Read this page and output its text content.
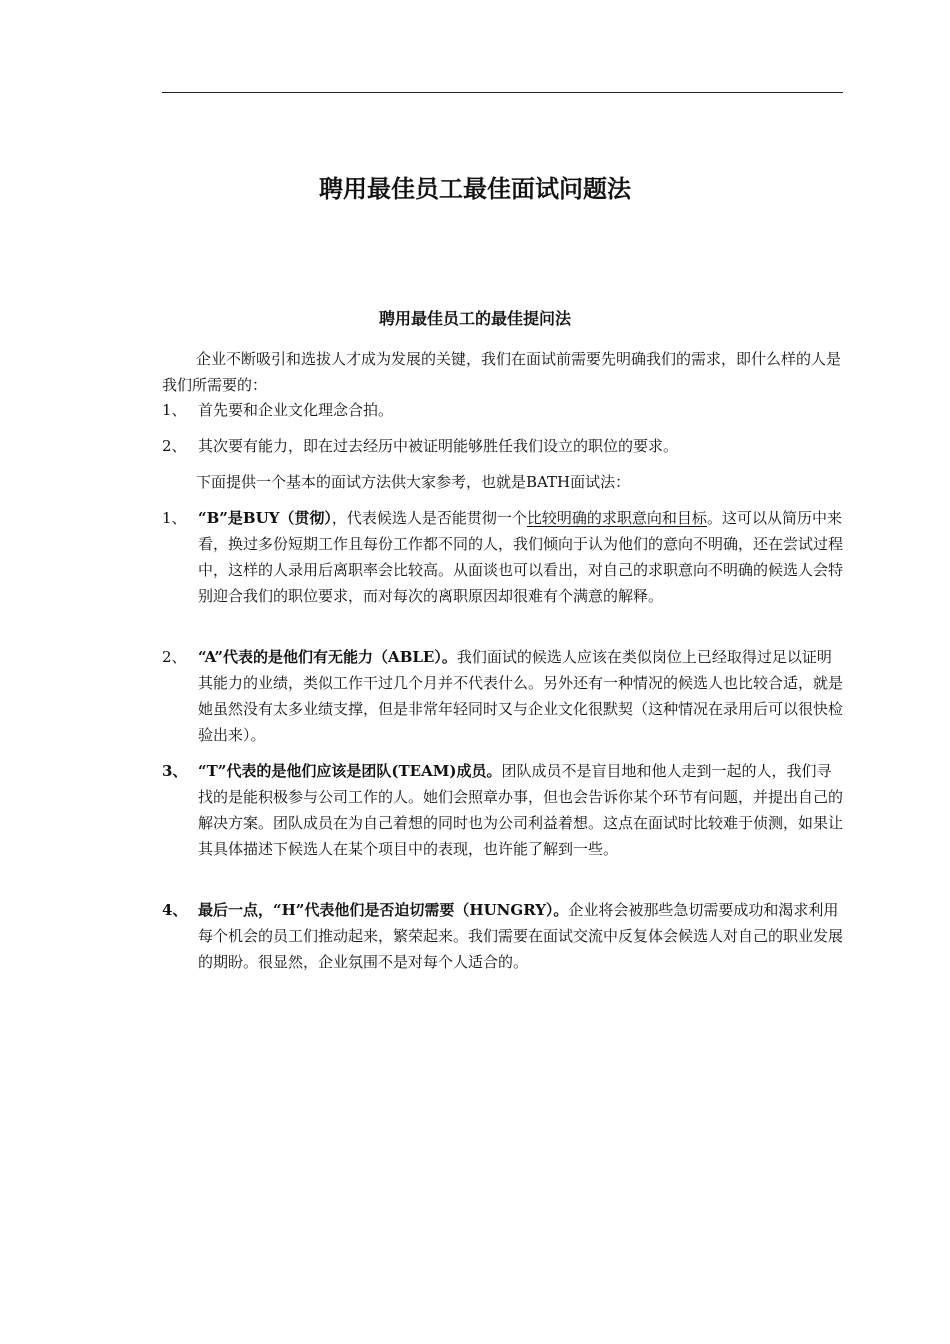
聘用最佳员工最佳面试问题法
聘用最佳员工的最佳提问法
企业不断吸引和选拔人才成为发展的关键，我们在面试前需要先明确我们的需求，即什么样的人是我们所需要的：
1、 首先要和企业文化理念合拍。
2、 其次要有能力，即在过去经历中被证明能够胜任我们设立的职位的要求。
下面提供一个基本的面试方法供大家参考，也就是BATH面试法：
1、 “B”是BUY（贯彻），代表候选人是否能贯彻一个比较明确的求职意向和目标。这可以从简历中来看，换过多份短期工作且每份工作都不同的人，我们倾向于认为他们的意向不明确，还在尝试过程中，这样的人录用后离职率会比较高。从面谈也可以看出，对自己的求职意向不明确的候选人会特别迎合我们的职位要求，而对每次的离职原因却很难有个满意的解释。
2、 “A”代表的是他们有无能力（ABLE）。我们面试的候选人应该在类似岗位上已经取得过足以证明其能力的业绩，类似工作干过几个月并不代表什么。另外还有一种情况的候选人也比较合适，就是她虽然没有太多业绩支撑，但是非常年轻同时又与企业文化很默契（这种情况在录用后可以很快检验出来）。
3、 “T”代表的是他们应该是团队(TEAM)成员。团队成员不是盲目地和他人走到一起的人，我们寻找的是能积极参与公司工作的人。她们会照章办事，但也会告诉你某个环节有问题，并提出自己的解决方案。团队成员在为自己着想的同时也为公司利益着想。这点在面试时比较难于侦测，如果让其具体描述下候选人在某个项目中的表现，也许能了解到一些。
4、 最后一点，“H”代表他们是否迫切需要（HUNGRY）。企业将会被那些急切需要成功和渴求利用每个机会的员工们推动起来，繁荣起来。我们需要在面试交流中反复体会候选人对自己的职业发展的期盼。很显然，企业氛围不是对每个人适合的。
